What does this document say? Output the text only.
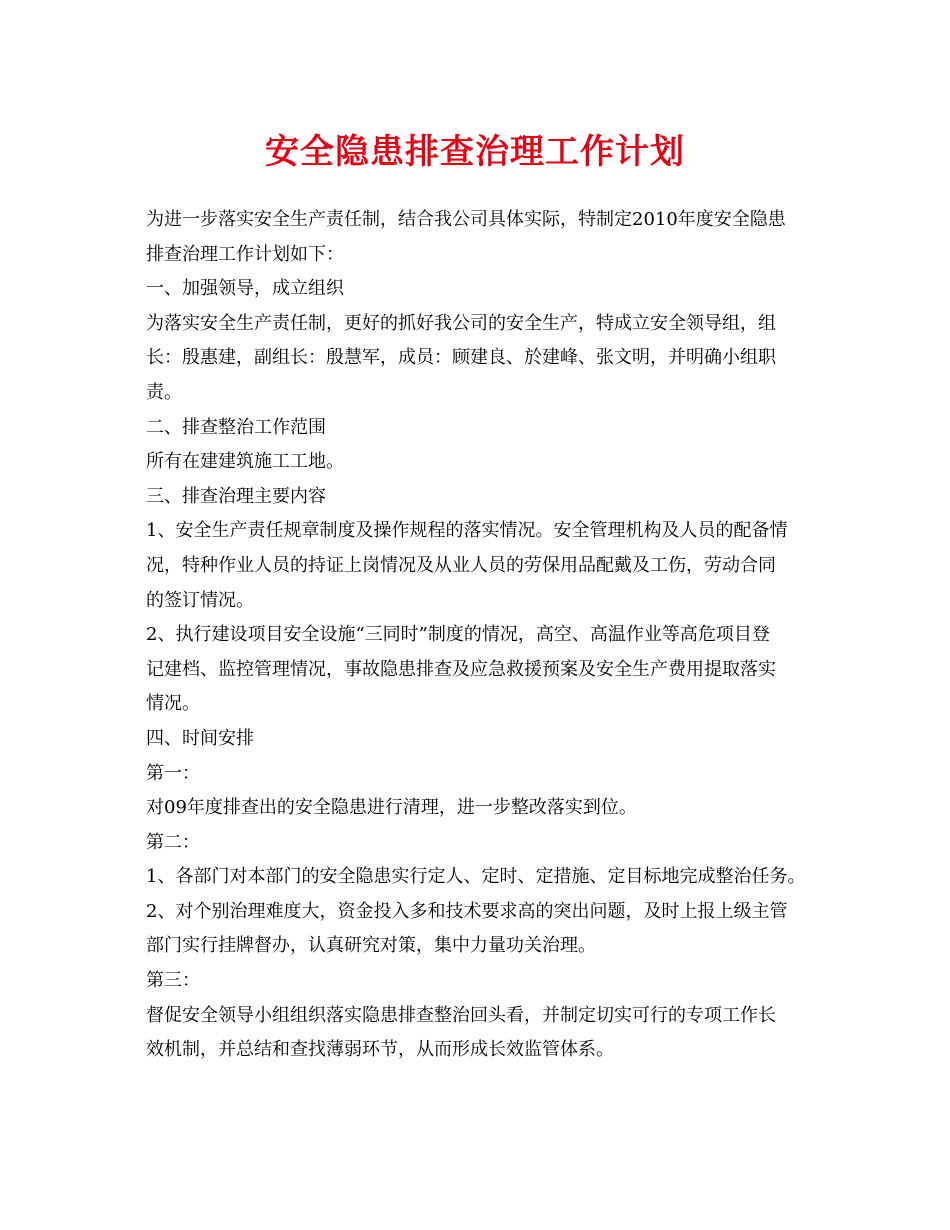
安全隐患排查治理工作计划

为进一步落实安全生产责任制，结合我公司具体实际，特制定2010年度安全隐患

排查治理工作计划如下：

一、加强领导，成立组织

为落实安全生产责任制，更好的抓好我公司的安全生产，特成立安全领导组，组

长：殷惠建，副组长：殷慧军，成员：顾建良、於建峰、张文明，并明确小组职

责。

二、排查整治工作范围

所有在建建筑施工工地。

三、排查治理主要内容

1、安全生产责任规章制度及操作规程的落实情况。安全管理机构及人员的配备情

况，特种作业人员的持证上岗情况及从业人员的劳保用品配戴及工伤，劳动合同

的签订情况。

2、执行建设项目安全设施“三同时”制度的情况，高空、高温作业等高危项目登

记建档、监控管理情况，事故隐患排查及应急救援预案及安全生产费用提取落实

情况。

四、时间安排

第一：

对09年度排查出的安全隐患进行清理，进一步整改落实到位。

第二：

1、各部门对本部门的安全隐患实行定人、定时、定措施、定目标地完成整治任务。

2、对个别治理难度大，资金投入多和技术要求高的突出问题，及时上报上级主管

部门实行挂牌督办，认真研究对策，集中力量功关治理。

第三：

督促安全领导小组组织落实隐患排查整治回头看，并制定切实可行的专项工作长

效机制，并总结和查找薄弱环节，从而形成长效监管体系。
